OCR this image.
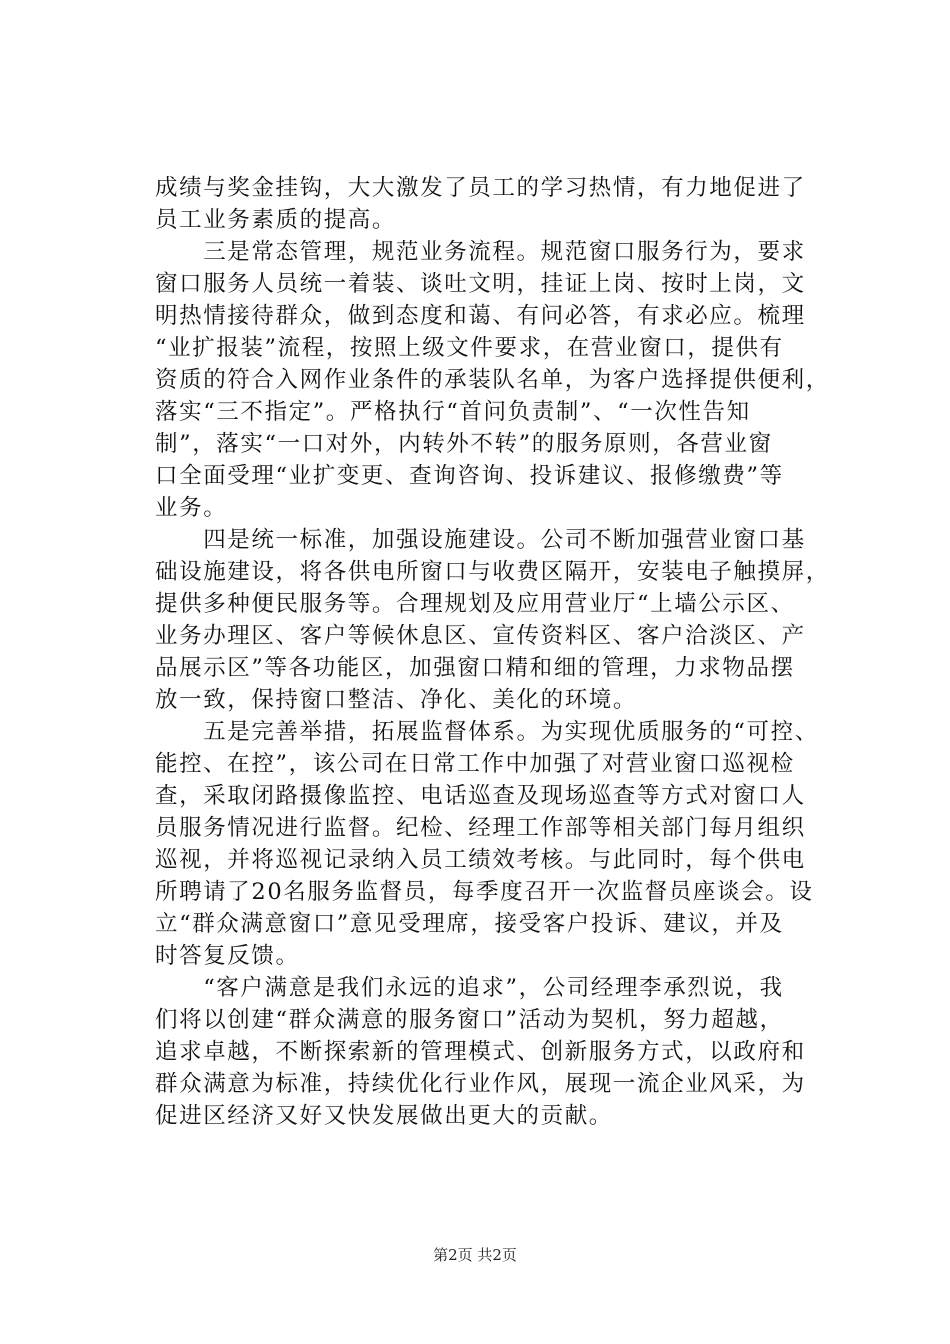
成绩与奖金挂钩，大大激发了员工的学习热情，有力地促进了
员工业务素质的提高。

　　三是常态管理，规范业务流程。规范窗口服务行为，要求
窗口服务人员统一着装、谈吐文明，挂证上岗、按时上岗，文
明热情接待群众，做到态度和蔼、有问必答，有求必应。梳理
“业扩报装”流程，按照上级文件要求，在营业窗口，提供有
资质的符合入网作业条件的承装队名单，为客户选择提供便利，
落实“三不指定”。严格执行“首问负责制”、“一次性告知
制”，落实“一口对外，内转外不转”的服务原则，各营业窗
口全面受理“业扩变更、查询咨询、投诉建议、报修缴费”等
业务。

　　四是统一标准，加强设施建设。公司不断加强营业窗口基
础设施建设，将各供电所窗口与收费区隔开，安装电子触摸屏，
提供多种便民服务等。合理规划及应用营业厅“上墙公示区、
业务办理区、客户等候休息区、宣传资料区、客户洽淡区、产
品展示区”等各功能区，加强窗口精和细的管理，力求物品摆
放一致，保持窗口整洁、净化、美化的环境。

　　五是完善举措，拓展监督体系。为实现优质服务的“可控、
能控、在控”，该公司在日常工作中加强了对营业窗口巡视检
查，采取闭路摄像监控、电话巡查及现场巡查等方式对窗口人
员服务情况进行监督。纪检、经理工作部等相关部门每月组织
巡视，并将巡视记录纳入员工绩效考核。与此同时，每个供电
所聘请了20名服务监督员，每季度召开一次监督员座谈会。设
立“群众满意窗口”意见受理席，接受客户投诉、建议，并及
时答复反馈。

　　“客户满意是我们永远的追求”，公司经理李承烈说，我
们将以创建“群众满意的服务窗口”活动为契机，努力超越，
追求卓越，不断探索新的管理模式、创新服务方式，以政府和
群众满意为标准，持续优化行业作风，展现一流企业风采，为
促进区经济又好又快发展做出更大的贡献。

第2页 共2页
